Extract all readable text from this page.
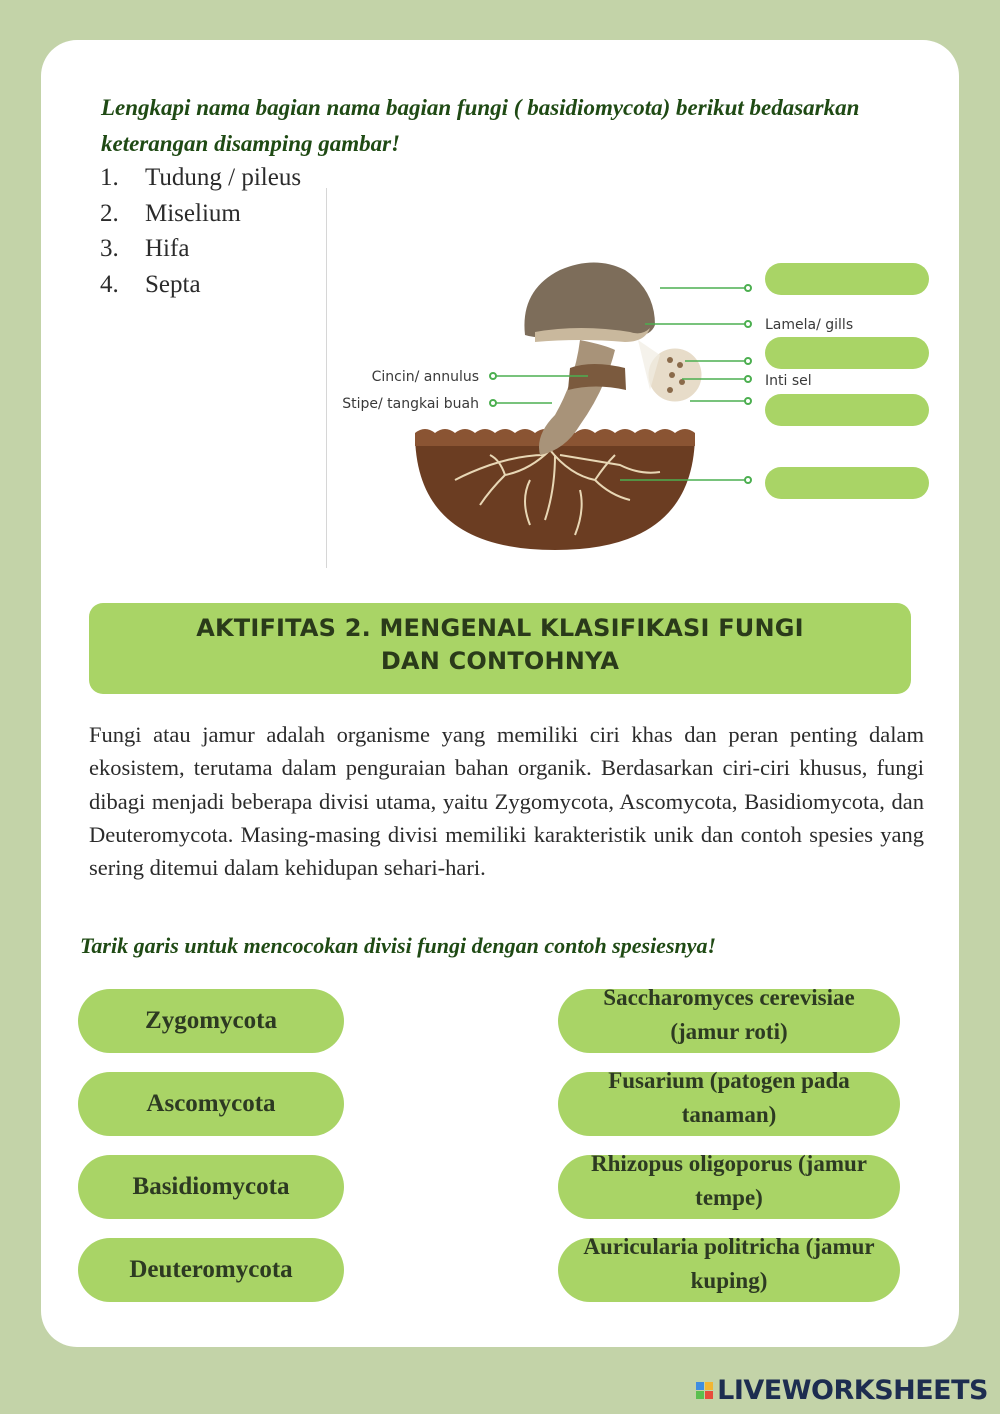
Lengkapi nama bagian nama bagian fungi ( basidiomycota) berikut bedasarkan keterangan disamping gambar!
1.	Tudung / pileus
2.	Miselium
3.	Hifa
4.	Septa
Lamela/ gills
Inti sel
Cincin/ annulus
Stipe/ tangkai buah
AKTIFITAS 2. MENGENAL KLASIFIKASI FUNGI
DAN CONTOHNYA
Fungi atau jamur adalah organisme yang memiliki ciri khas dan peran penting dalam ekosistem, terutama dalam penguraian bahan organik. Berdasarkan ciri-ciri khusus, fungi dibagi menjadi beberapa divisi utama, yaitu Zygomycota, Ascomycota, Basidiomycota, dan Deuteromycota. Masing-masing divisi memiliki karakteristik unik dan contoh spesies yang sering ditemui dalam kehidupan sehari-hari.
Tarik garis untuk mencocokan divisi fungi dengan contoh spesiesnya!
Zygomycota
Ascomycota
Basidiomycota
Deuteromycota
Saccharomyces cerevisiae (jamur roti)
Fusarium (patogen pada tanaman)
Rhizopus oligoporus (jamur tempe)
Auricularia politricha (jamur kuping)
LIVEWORKSHEETS
